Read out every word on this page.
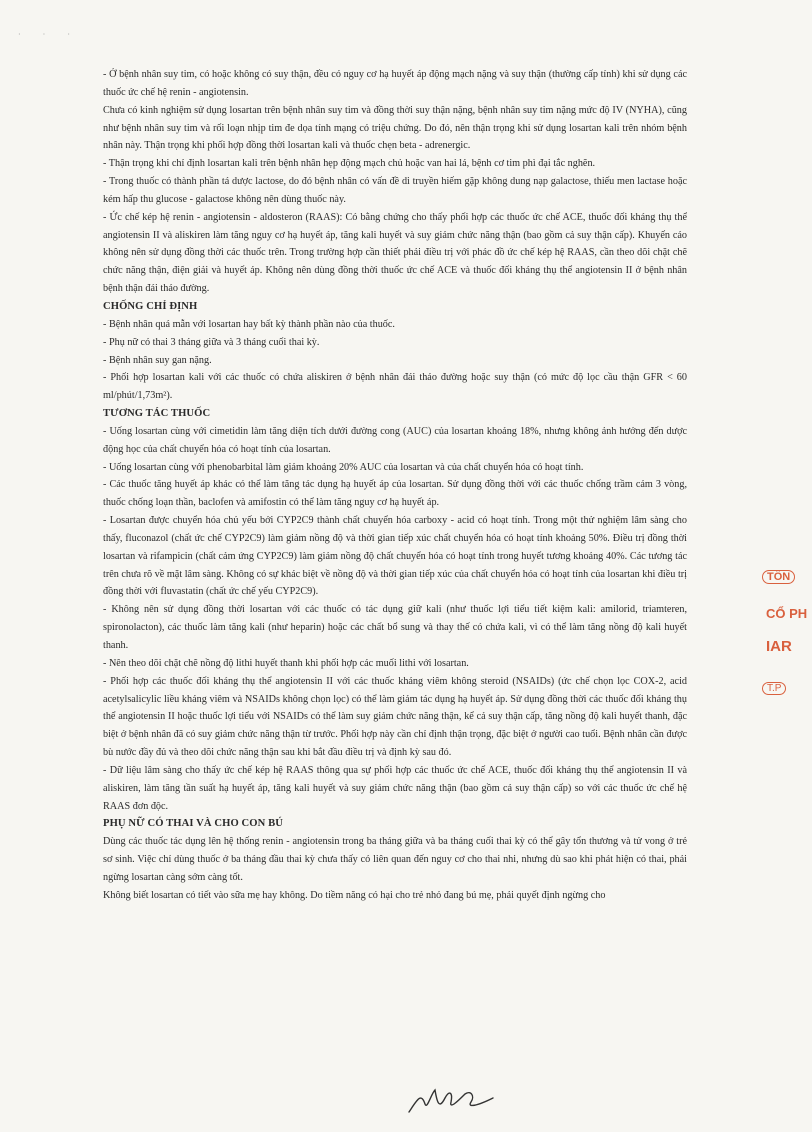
· · ·

- Ở bệnh nhân suy tim, có hoặc không có suy thận, đều có nguy cơ hạ huyết áp động mạch nặng và suy thận (thường cấp tính) khi sử dụng các thuốc ức chế hệ renin - angiotensin.

Chưa có kinh nghiệm sử dụng losartan trên bệnh nhân suy tim và đồng thời suy thận nặng, bệnh nhân suy tim nặng mức độ IV (NYHA), cũng như bệnh nhân suy tim và rối loạn nhịp tim đe dọa tính mạng có triệu chứng. Do đó, nên thận trọng khi sử dụng losartan kali trên nhóm bệnh nhân này. Thận trọng khi phối hợp đồng thời losartan kali và thuốc chẹn beta - adrenergic.

- Thận trọng khi chỉ định losartan kali trên bệnh nhân hẹp động mạch chủ hoặc van hai lá, bệnh cơ tim phì đại tắc nghẽn.

- Trong thuốc có thành phần tá dược lactose, do đó bệnh nhân có vấn đề di truyền hiếm gặp không dung nạp galactose, thiếu men lactase hoặc kém hấp thu glucose - galactose không nên dùng thuốc này.

- Ức chế kép hệ renin - angiotensin - aldosteron (RAAS): Có bằng chứng cho thấy phối hợp các thuốc ức chế ACE, thuốc đối kháng thụ thể angiotensin II và aliskiren làm tăng nguy cơ hạ huyết áp, tăng kali huyết và suy giảm chức năng thận (bao gồm cả suy thận cấp). Khuyến cáo không nên sử dụng đồng thời các thuốc trên. Trong trường hợp cần thiết phải điều trị với phác đồ ức chế kép hệ RAAS, cần theo dõi chặt chẽ chức năng thận, điện giải và huyết áp. Không nên dùng đồng thời thuốc ức chế ACE và thuốc đối kháng thụ thể angiotensin II ở bệnh nhân bệnh thận đái tháo đường.

CHỐNG CHỈ ĐỊNH

- Bệnh nhân quá mẫn với losartan hay bất kỳ thành phần nào của thuốc.

- Phụ nữ có thai 3 tháng giữa và 3 tháng cuối thai kỳ.

- Bệnh nhân suy gan nặng.

- Phối hợp losartan kali với các thuốc có chứa aliskiren ở bệnh nhân đái tháo đường hoặc suy thận (có mức độ lọc cầu thận GFR < 60 ml/phút/1,73m²).

TƯƠNG TÁC THUỐC

- Uống losartan cùng với cimetidin làm tăng diện tích dưới đường cong (AUC) của losartan khoảng 18%, nhưng không ảnh hưởng đến dược động học của chất chuyển hóa có hoạt tính của losartan.

- Uống losartan cùng với phenobarbital làm giảm khoảng 20% AUC của losartan và của chất chuyển hóa có hoạt tính.

- Các thuốc tăng huyết áp khác có thể làm tăng tác dụng hạ huyết áp của losartan. Sử dụng đồng thời với các thuốc chống trầm cảm 3 vòng, thuốc chống loạn thần, baclofen và amifostin có thể làm tăng nguy cơ hạ huyết áp.

- Losartan được chuyển hóa chủ yếu bởi CYP2C9 thành chất chuyển hóa carboxy - acid có hoạt tính. Trong một thử nghiệm lâm sàng cho thấy, fluconazol (chất ức chế CYP2C9) làm giảm nồng độ và thời gian tiếp xúc chất chuyển hóa có hoạt tính khoảng 50%. Điều trị đồng thời losartan và rifampicin (chất cảm ứng CYP2C9) làm giảm nồng độ chất chuyển hóa có hoạt tính trong huyết tương khoảng 40%. Các tương tác trên chưa rõ về mặt lâm sàng. Không có sự khác biệt về nồng độ và thời gian tiếp xúc của chất chuyển hóa có hoạt tính của losartan khi điều trị đồng thời với fluvastatin (chất ức chế yếu CYP2C9).

- Không nên sử dụng đồng thời losartan với các thuốc có tác dụng giữ kali (như thuốc lợi tiểu tiết kiệm kali: amilorid, triamteren, spironolacton), các thuốc làm tăng kali (như heparin) hoặc các chất bổ sung và thay thế có chứa kali, vì có thể làm tăng nồng độ kali huyết thanh.

- Nên theo dõi chặt chẽ nồng độ lithi huyết thanh khi phối hợp các muối lithi với losartan.

- Phối hợp các thuốc đối kháng thụ thể angiotensin II với các thuốc kháng viêm không steroid (NSAIDs) (ức chế chọn lọc COX-2, acid acetylsalicylic liều kháng viêm và NSAIDs không chọn lọc) có thể làm giảm tác dụng hạ huyết áp. Sử dụng đồng thời các thuốc đối kháng thụ thể angiotensin II hoặc thuốc lợi tiểu với NSAIDs có thể làm suy giảm chức năng thận, kể cả suy thận cấp, tăng nồng độ kali huyết thanh, đặc biệt ở bệnh nhân đã có suy giảm chức năng thận từ trước. Phối hợp này cần chỉ định thận trọng, đặc biệt ở người cao tuổi. Bệnh nhân cần được bù nước đầy đủ và theo dõi chức năng thận sau khi bắt đầu điều trị và định kỳ sau đó.

- Dữ liệu lâm sàng cho thấy ức chế kép hệ RAAS thông qua sự phối hợp các thuốc ức chế ACE, thuốc đối kháng thụ thể angiotensin II và aliskiren, làm tăng tần suất hạ huyết áp, tăng kali huyết và suy giảm chức năng thận (bao gồm cả suy thận cấp) so với các thuốc ức chế hệ RAAS đơn độc.

PHỤ NỮ CÓ THAI VÀ CHO CON BÚ

Dùng các thuốc tác dụng lên hệ thống renin - angiotensin trong ba tháng giữa và ba tháng cuối thai kỳ có thể gây tổn thương và tử vong ở trẻ sơ sinh. Việc chỉ dùng thuốc ở ba tháng đầu thai kỳ chưa thấy có liên quan đến nguy cơ cho thai nhi, nhưng dù sao khi phát hiện có thai, phải ngừng losartan càng sớm càng tốt.

Không biết losartan có tiết vào sữa mẹ hay không. Do tiềm năng có hại cho trẻ nhỏ đang bú mẹ, phải quyết định ngừng cho

TÔN
CỔ PH
IAR
T.P
